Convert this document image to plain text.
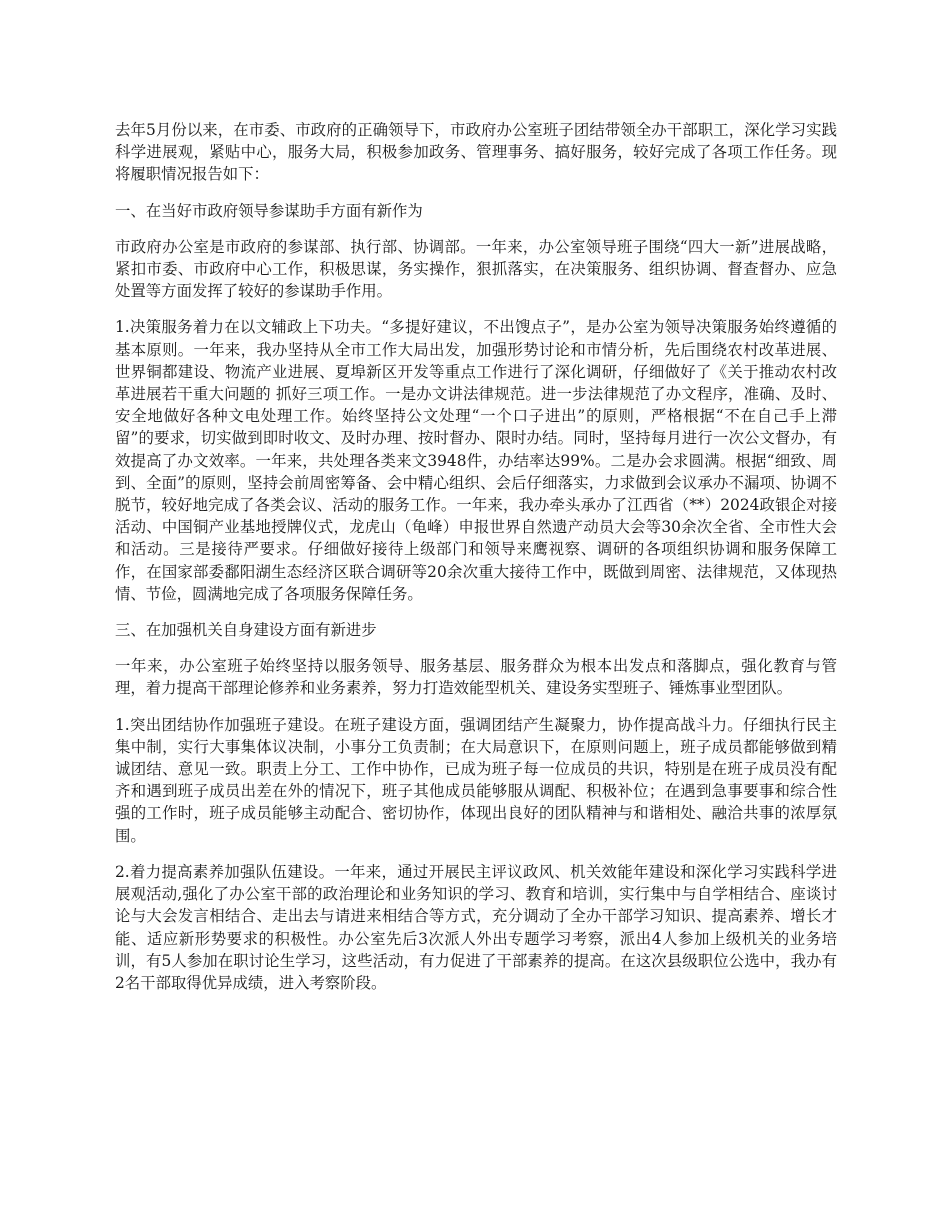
去年5月份以来，在市委、市政府的正确领导下，市政府办公室班子团结带领全办干部职工，深化学习实践科学进展观，紧贴中心，服务大局，积极参加政务、管理事务、搞好服务，较好完成了各项工作任务。现将履职情况报告如下：

一、在当好市政府领导参谋助手方面有新作为

市政府办公室是市政府的参谋部、执行部、协调部。一年来，办公室领导班子围绕“四大一新”进展战略，紧扣市委、市政府中心工作，积极思谋，务实操作，狠抓落实，在决策服务、组织协调、督查督办、应急处置等方面发挥了较好的参谋助手作用。

1.决策服务着力在以文辅政上下功夫。“多提好建议，不出馊点子”，是办公室为领导决策服务始终遵循的基本原则。一年来，我办坚持从全市工作大局出发，加强形势讨论和市情分析，先后围绕农村改革进展、世界铜都建设、物流产业进展、夏埠新区开发等重点工作进行了深化调研，仔细做好了《关于推动农村改革进展若干重大问题的 抓好三项工作。一是办文讲法律规范。进一步法律规范了办文程序，准确、及时、安全地做好各种文电处理工作。始终坚持公文处理“一个口子进出”的原则，严格根据“不在自己手上滞留”的要求，切实做到即时收文、及时办理、按时督办、限时办结。同时，坚持每月进行一次公文督办，有效提高了办文效率。一年来，共处理各类来文3948件，办结率达99%。二是办会求圆满。根据“细致、周到、全面”的原则，坚持会前周密筹备、会中精心组织、会后仔细落实，力求做到会议承办不漏项、协调不脱节，较好地完成了各类会议、活动的服务工作。一年来，我办牵头承办了江西省（**）2024政银企对接活动、中国铜产业基地授牌仪式，龙虎山（龟峰）申报世界自然遗产动员大会等30余次全省、全市性大会和活动。三是接待严要求。仔细做好接待上级部门和领导来鹰视察、调研的各项组织协调和服务保障工作，在国家部委鄱阳湖生态经济区联合调研等20余次重大接待工作中，既做到周密、法律规范，又体现热情、节俭，圆满地完成了各项服务保障任务。

三、在加强机关自身建设方面有新进步

一年来，办公室班子始终坚持以服务领导、服务基层、服务群众为根本出发点和落脚点，强化教育与管理，着力提高干部理论修养和业务素养，努力打造效能型机关、建设务实型班子、锤炼事业型团队。

1.突出团结协作加强班子建设。在班子建设方面，强调团结产生凝聚力，协作提高战斗力。仔细执行民主集中制，实行大事集体议决制，小事分工负责制；在大局意识下，在原则问题上，班子成员都能够做到精诚团结、意见一致。职责上分工、工作中协作，已成为班子每一位成员的共识，特别是在班子成员没有配齐和遇到班子成员出差在外的情况下，班子其他成员能够服从调配、积极补位；在遇到急事要事和综合性强的工作时，班子成员能够主动配合、密切协作，体现出良好的团队精神与和谐相处、融洽共事的浓厚氛围。

2.着力提高素养加强队伍建设。一年来，通过开展民主评议政风、机关效能年建设和深化学习实践科学进展观活动,强化了办公室干部的政治理论和业务知识的学习、教育和培训，实行集中与自学相结合、座谈讨论与大会发言相结合、走出去与请进来相结合等方式，充分调动了全办干部学习知识、提高素养、增长才能、适应新形势要求的积极性。办公室先后3次派人外出专题学习考察，派出4人参加上级机关的业务培训，有5人参加在职讨论生学习，这些活动，有力促进了干部素养的提高。在这次县级职位公选中，我办有2名干部取得优异成绩，进入考察阶段。
